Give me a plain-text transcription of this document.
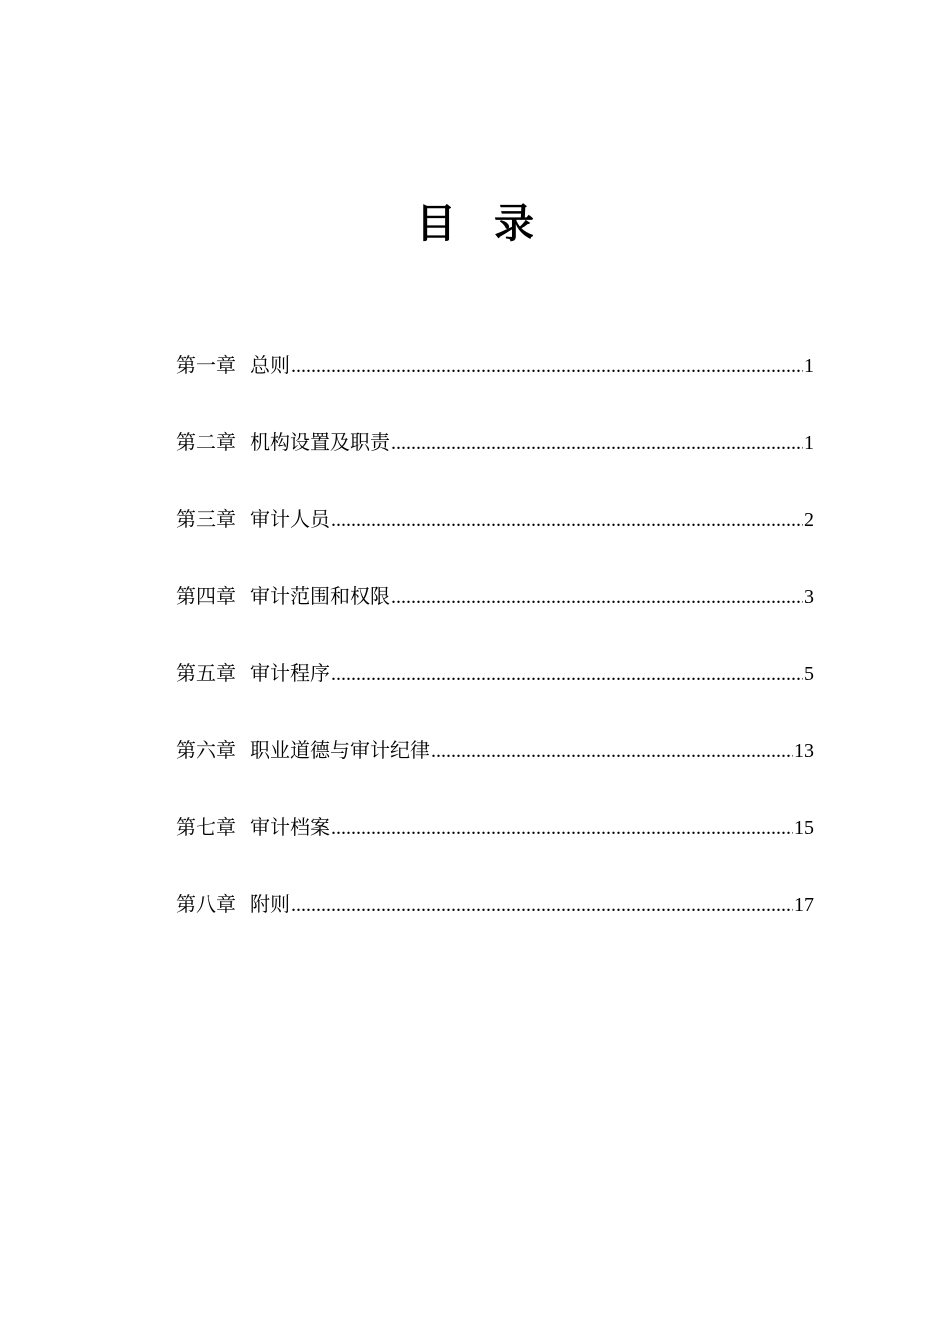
目 录
第一章 总则 .....	1
第二章 机构设置及职责 .....	1
第三章 审计人员 .....	2
第四章 审计范围和权限 .....	3
第五章 审计程序 .....	5
第六章 职业道德与审计纪律 .....	13
第七章 审计档案 .....	15
第八章 附则 .....	17
